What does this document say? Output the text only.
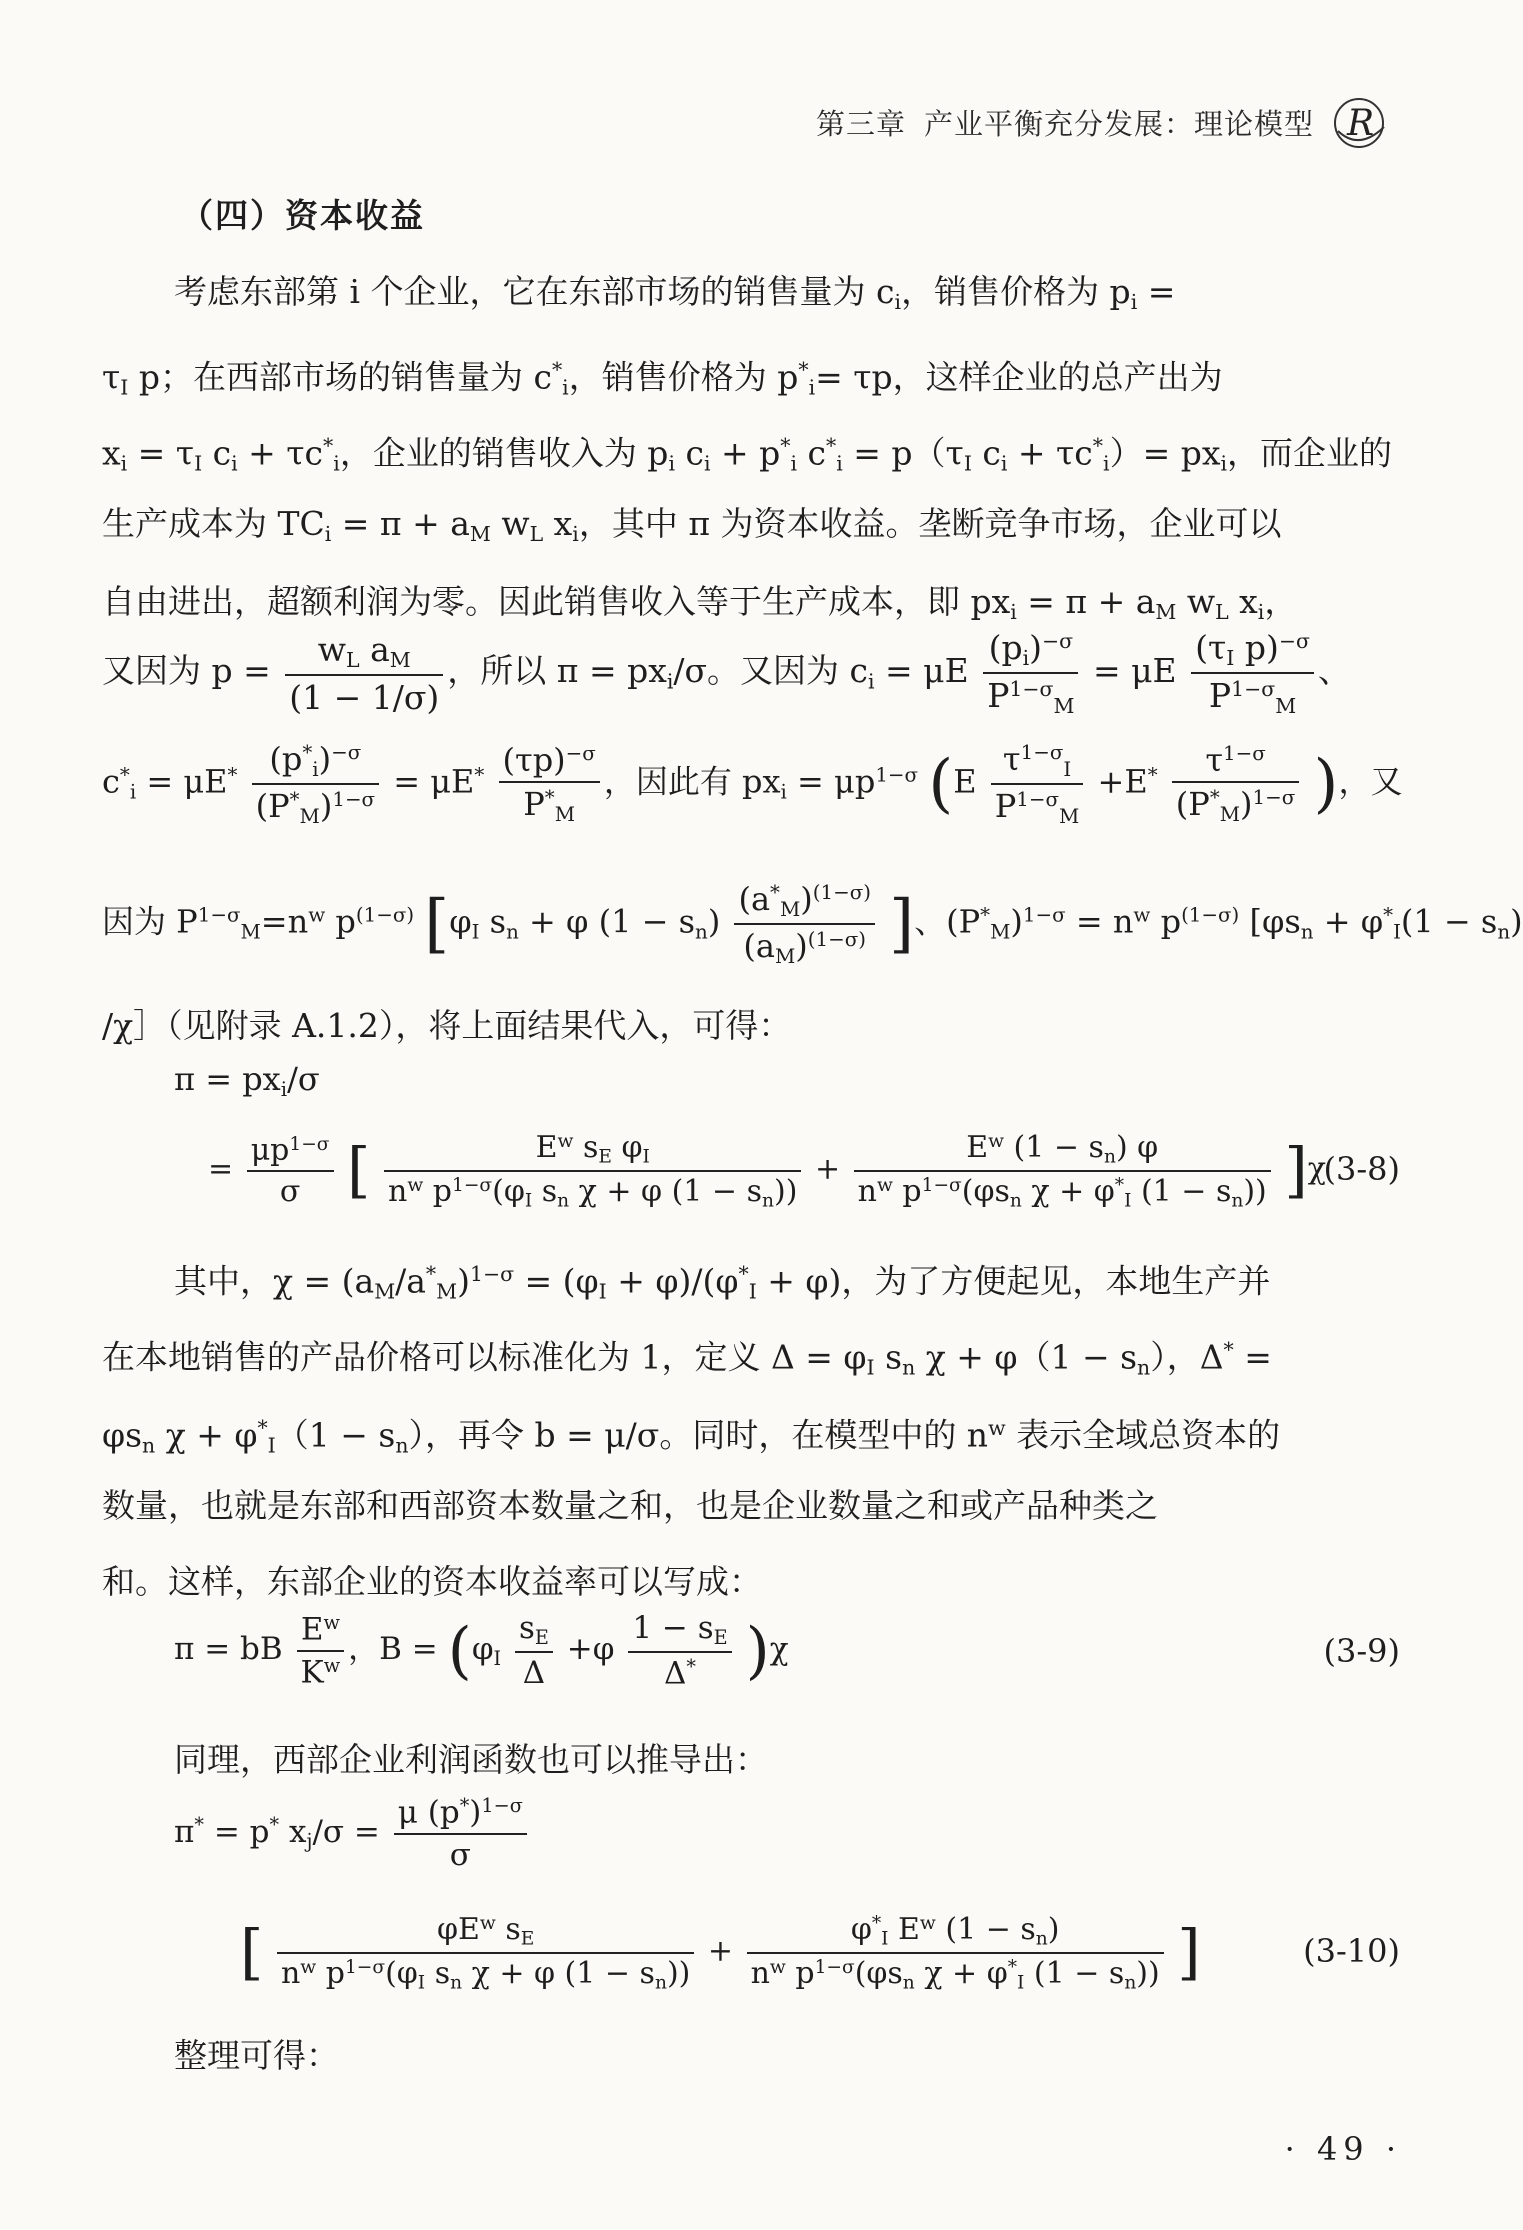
第三章 产业平衡充分发展：理论模型 R
（四）资本收益
考虑东部第 i 个企业，它在东部市场的销售量为 $c_i$，销售价格为 $p_i$ =
$\tau_I$ p；在西部市场的销售量为 $c^*_i$，销售价格为 $p^*_i= \tau p$，这样企业的总产出为
$x_i = \tau_I$ $c_i + \tau c^*_i$，企业的销售收入为 $p_i$ $c_i + p^*_i$ $c^*_i = p(\tau_I$ $c_i + \tau c^*_i)= px_i$，而企业的
生产成本为 $TC_i = \pi + a_M$ $w_L$ $x_i$，其中 π 为资本收益。垄断竞争市场，企业可以
自由进出，超额利润为零。因此销售收入等于生产成本，即 $px_i = \pi + a_M$ $w_L$ $x_i$，
又因为 $p = \frac{w_L a_M}{(1 - 1/\sigma)}$ ，所以 $\pi = px_i/\sigma$。又因为 $c_i = \mu E \frac{(p_i)^{-\sigma}}{P^{1-\sigma}_M} = \mu E \frac{(\tau_I p)^{-\sigma}}{P^{1-\sigma}_M}$ 、
$c^*_i = \mu E^* \frac{(p^*_i)^{-\sigma}}{(P^*_M)^{1-\sigma}} = \mu E^* \frac{(\tau p)^{-\sigma}}{P^*_M}$ ，因此有 $px_i = \mu p^{1-\sigma}$ ($E \frac{\tau^{1-\sigma}_I}{P^{1-\sigma}_M} +E^* \frac{\tau^{1-\sigma}}{(P^*_M)^{1-\sigma}}$ )，又
因为 $P^{1-\sigma}_M=n^w$ $p^{(1-\sigma)}$ [$\varphi_I$ $s_n + \varphi$ $(1 - s_n) \frac{(a^*_M)^{(1-\sigma)}}{(a_M)^{(1-\sigma)}}$ ]、$(P^*_M)^{1-\sigma} = n^w$ $p^{(1-\sigma)}$ [$\varphi s_n + \varphi^*_I(1 - s_n)$
/χ］（见附录 A.1.2），将上面结果代入，可得：
$\pi = px_i/\sigma$
= $\frac{\mu p^{1-\sigma}}{\sigma}$ [ $\frac{E^w s_E \varphi_I}{n^w p^{1-\sigma}(\varphi_I s_n \chi + \varphi (1 - s_n))} + \frac{E^w (1 - s_n) \varphi}{n^w p^{1-\sigma}(\varphi s_n \chi + \varphi^*_I (1 - s_n))} ]\chi$
(3-8)
其中，$\chi = (a_M/a^*_M)^{1-\sigma} = (\varphi_I + \varphi)/(\varphi^*_I + \varphi)$，为了方便起见，本地生产并
在本地销售的产品价格可以标准化为 1，定义 $\Delta = \varphi_I$ $s_n$ $\chi + \varphi(1 - s_n)$，Δ* =
$\varphi s_n$ $\chi + \varphi^*_I(1 - s_n)$，再令 b = μ/σ。同时，在模型中的 $n^w$ 表示全域总资本的
数量，也就是东部和西部资本数量之和，也是企业数量之和或产品种类之
和。这样，东部企业的资本收益率可以写成：
π = bB $\frac{E^w}{K^w}$ ，$B = (\varphi_I \frac{s_E}{\Delta} +\varphi \frac{1 - s_E}{\Delta^*} )\chi$	(3-9)
同理，西部企业利润函数也可以推导出：
π* = p* $x_j/\sigma = \frac{\mu (p^*)^{1-\sigma}}{\sigma}$
[ $\frac{\varphi E^w s_E}{n^w p^{1-\sigma}(\varphi_I s_n \chi + \varphi (1 - s_n))} + \frac{\varphi^*_I E^w (1 - s_n)}{n^w p^{1-\sigma}(\varphi s_n \chi + \varphi^*_I (1 - s_n))}$ ]	(3-10)
整理可得：
· 49 ·
